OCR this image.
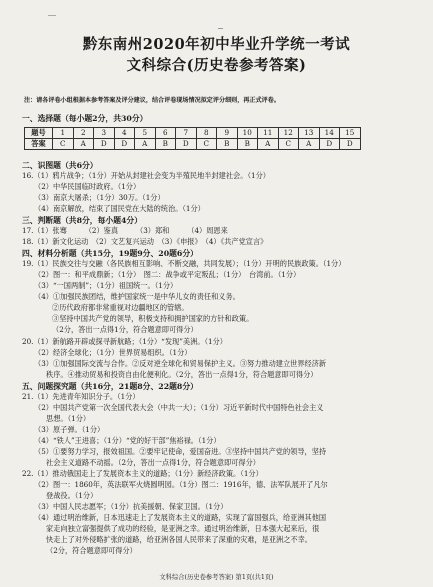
黔东南州2020年初中毕业升学统一考试
文科综合(历史卷参考答案)
注：请各评卷小组根据本参考答案及评分建议，结合评卷现场情况拟定评分细则，再正式评卷。
一、选择题（每小题2分，共30分）
题号	1	2	3	4	5	6	7	8	9	10	11	12	13	14	15
答案	C	A	D	D	A	B	D	C	B	B	A	C	A	D	D
二、识图题（共6分）
16.（1）鸦片战争；（1分）开始从封建社会变为半殖民地半封建社会。（1分）
（2）中华民国临时政府。（1分）
（3）南京大屠杀；（1分）30万。（1分）
（4）南京解放，结束了国民党在大陆的统治。（1分）
三、判断题（共8分，每小题4分）
17.（1）张骞　　　（2）鉴真　　　（3）郑和　　　（4）周恩来
18.（1）新文化运动　（2）文艺复兴运动　（3）《申报》　（4）《共产党宣言》
四、材料分析题（共15分，19题9分、20题6分）
19.（1）民族交往与交融（各民族相互影响、不断交融，共同发展）；（1分）开明的民族政策。（1分）
（2）图一：和平成鼎新；（1分）　图二：战争或平定叛乱；（1分）　台湾前。（1分）
（3）“一国两制”；（1分）祖国统一。（1分）
（4）①加强民族团结，维护国家统一是中华儿女的责任和义务。
②历代政府都非常重视对边疆地区的管辖。
③坚持中国共产党的领导，积极支持和拥护国家的方针和政策。
（2分，答出一点得1分，符合题意即可得分）
20.（1）新航路开辟或探寻新航路；（1分）“发现”美洲。（1分）
（2）经济全球化；（1分）世界贸易组织。（1分）
（3）①加强国际交流与合作。②反对逆全球化和贸易保护主义。③努力推动建立世界经济新
秩序。④推动贸易和投资自由化便利化。（2分，答出一点得1分，符合题意即可得分）
五、问题探究题（共16分，21题8分、22题8分）
21.（1）先进青年知识分子。（1分）
（2）中国共产党第一次全国代表大会（中共一大）；（1分）习近平新时代中国特色社会主义
思想。（1分）
（3）原子弹。（1分）
（4）“铁人”王进喜；（1分）“党的好干部”焦裕禄。（1分）
（5）①要努力学习，报效祖国。②要牢记使命，爱国奋进。③坚持中国共产党的领导，坚持
社会主义道路不动摇。（2分，答出一点得1分，符合题意即可得分）
22.（1）推动俄国走上了发展资本主义的道路；（1分）新经济政策。（1分）
（2）图一：1860年，英法联军火烧圆明园。（1分）图二：1916年，德、法军队展开了凡尔
登战役。（1分）
（3）中国人民志愿军；（1分）抗美援朝、保家卫国。（1分）
（4）通过明治维新，日本迅速走上了发展资本主义的道路，实现了富国强兵，给亚洲其他国
家走向独立富强提供了成功的经验，是亚洲之幸。通过明治维新，日本强大起来后，很
快走上了对外侵略扩张的道路，给亚洲各国人民带来了深重的灾难，是亚洲之不幸。
（2分，符合题意即可得分）
文科综合(历史卷参考答案) 第1页(共1页)
